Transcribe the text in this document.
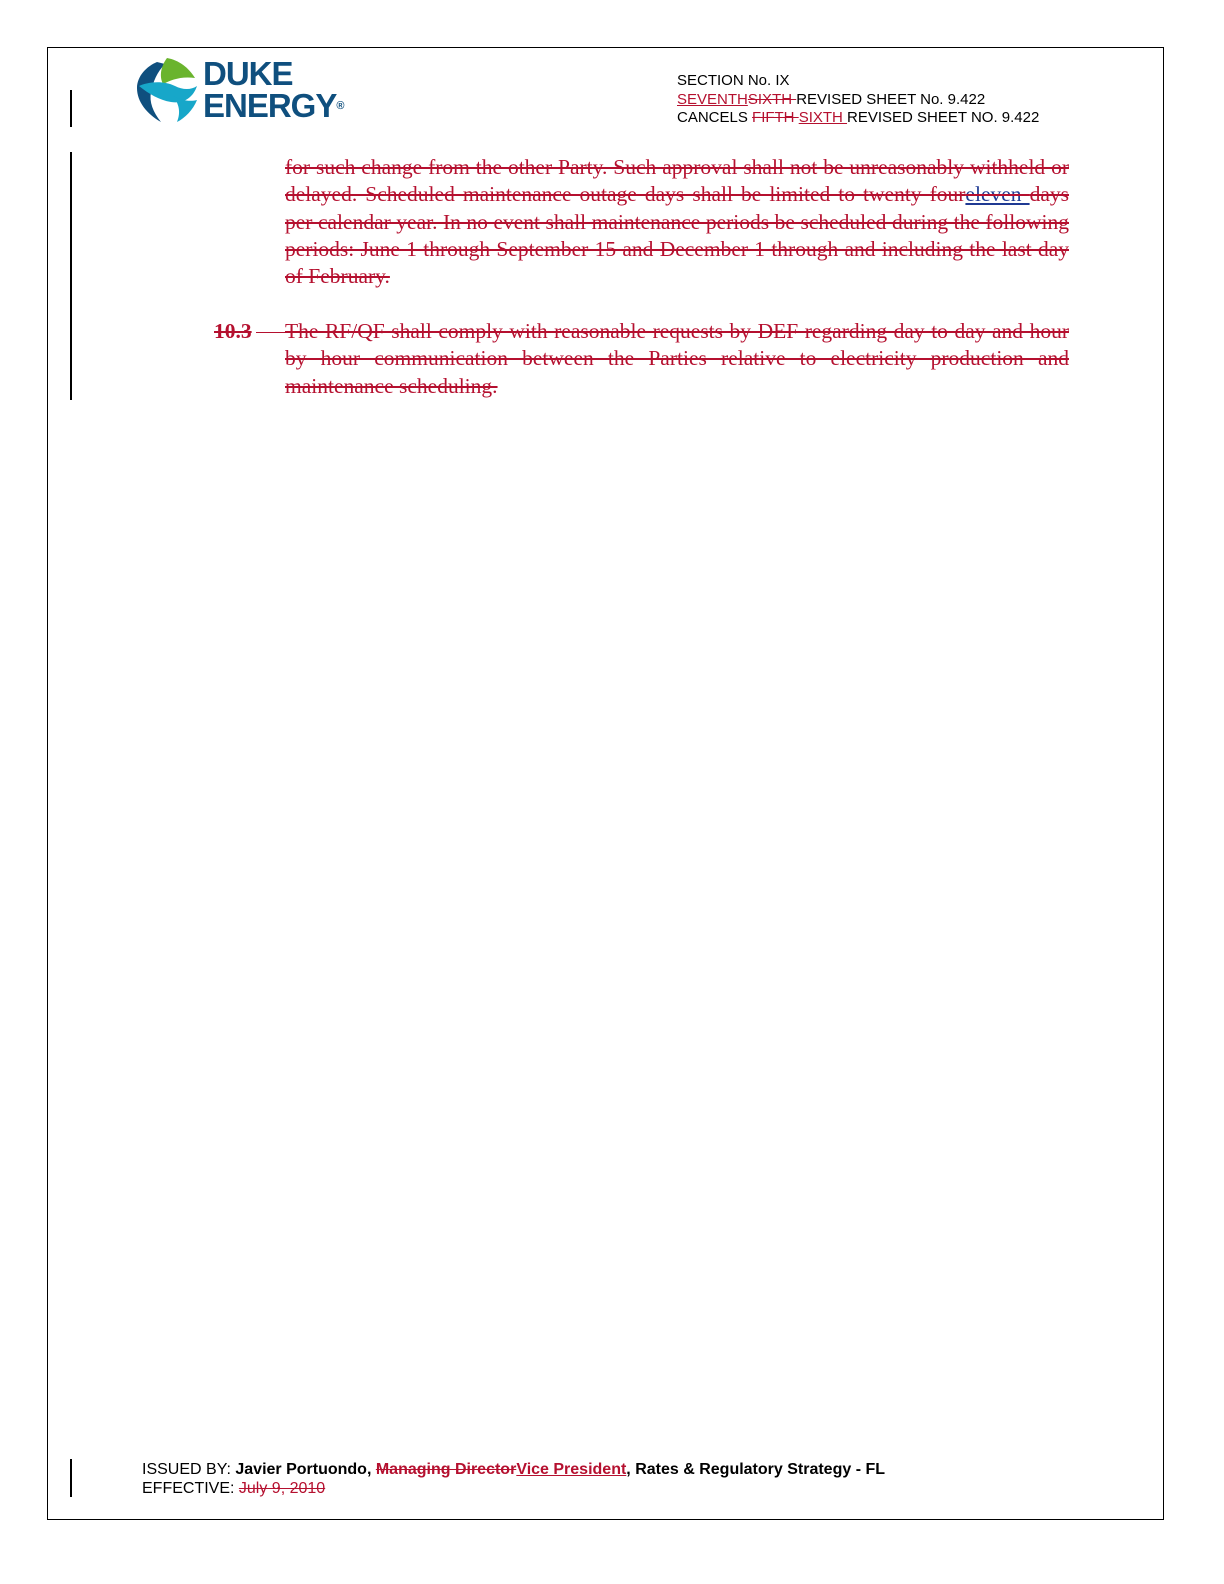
DUKE
ENERGY®
SECTION No. IX
SEVENTHSIXTH REVISED SHEET No. 9.422
CANCELS FIFTH SIXTH REVISED SHEET NO. 9.422
for such change from the other Party. Such approval shall not be unreasonably withheld or delayed. Scheduled maintenance outage days shall be limited to twenty foureleven days per calendar year. In no event shall maintenance periods be scheduled during the following periods: June 1 through September 15 and December 1 through and including the last day of February.
10.3 The RF/QF shall comply with reasonable requests by DEF regarding day to day and hour by hour communication between the Parties relative to electricity production and maintenance scheduling.
ISSUED BY: Javier Portuondo, Managing DirectorVice President, Rates & Regulatory Strategy - FL
EFFECTIVE: July 9, 2010
